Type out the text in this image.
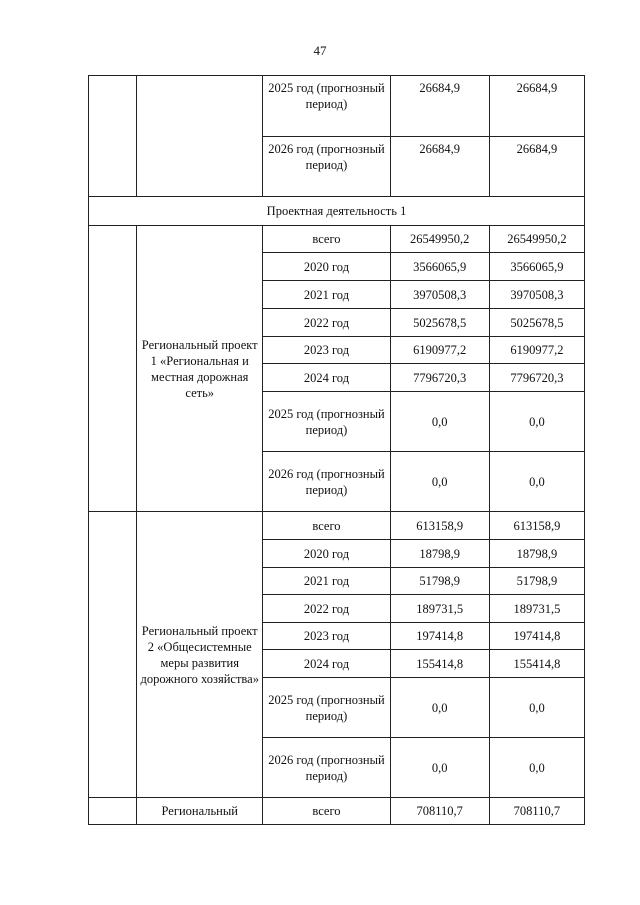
47
		2025 год (прогнозный период)	26684,9	26684,9
		2026 год (прогнозный период)	26684,9	26684,9
Проектная деятельность 1				
	Региональный проект 1 «Региональная и местная дорожная сеть»	всего	26549950,2	26549950,2
		2020 год	3566065,9	3566065,9
		2021 год	3970508,3	3970508,3
		2022 год	5025678,5	5025678,5
		2023 год	6190977,2	6190977,2
		2024 год	7796720,3	7796720,3
		2025 год (прогнозный период)	0,0	0,0
		2026 год (прогнозный период)	0,0	0,0
	Региональный проект 2 «Общесистемные меры развития дорожного хозяйства»	всего	613158,9	613158,9
		2020 год	18798,9	18798,9
		2021 год	51798,9	51798,9
		2022 год	189731,5	189731,5
		2023 год	197414,8	197414,8
		2024 год	155414,8	155414,8
		2025 год (прогнозный период)	0,0	0,0
		2026 год (прогнозный период)	0,0	0,0
	Региональный	всего	708110,7	708110,7
